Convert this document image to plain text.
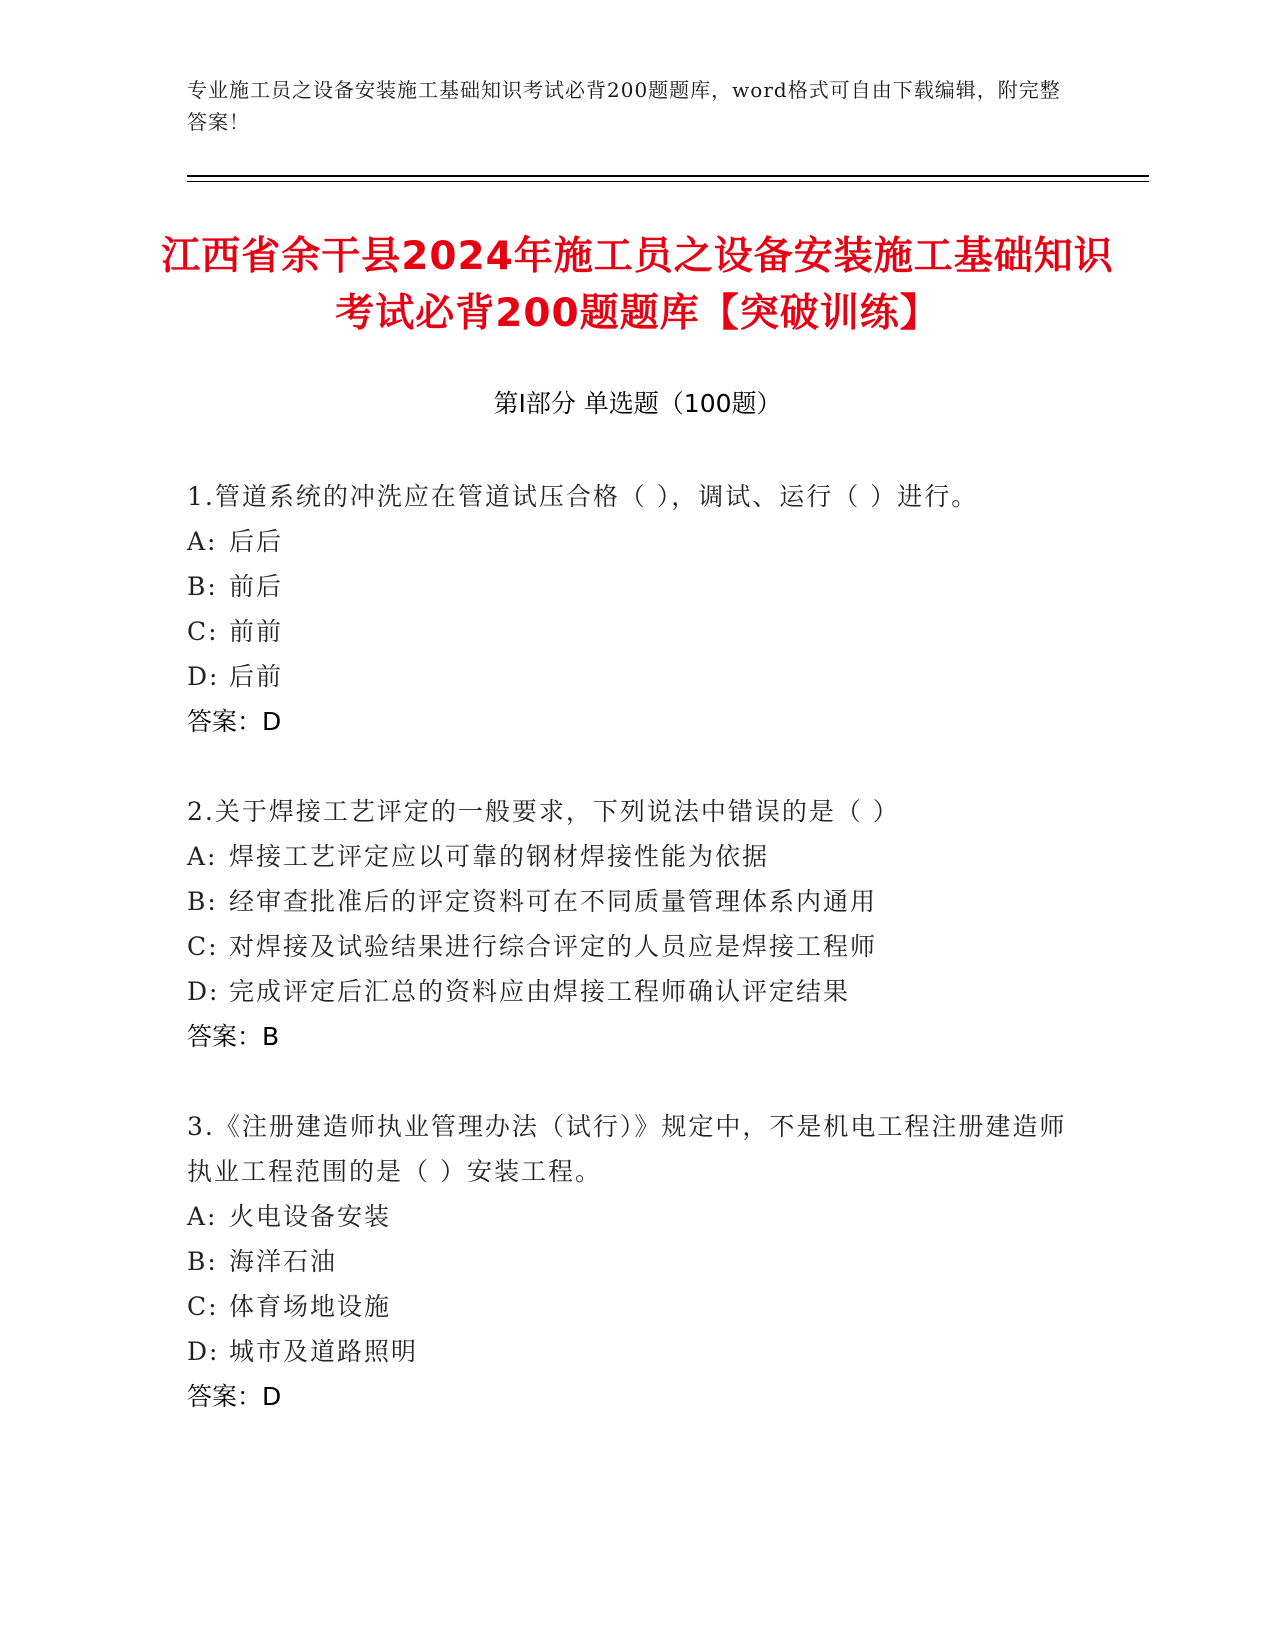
专业施工员之设备安装施工基础知识考试必背200题题库，word格式可自由下载编辑，附完整答案！
江西省余干县2024年施工员之设备安装施工基础知识考试必背200题题库【突破训练】
第Ⅰ部分 单选题（100题）
1.管道系统的冲洗应在管道试压合格（ ），调试、运行（ ）进行。
A: 后后
B: 前后
C: 前前
D: 后前
答案：D
2.关于焊接工艺评定的一般要求，下列说法中错误的是（ ）
A: 焊接工艺评定应以可靠的钢材焊接性能为依据
B: 经审查批准后的评定资料可在不同质量管理体系内通用
C: 对焊接及试验结果进行综合评定的人员应是焊接工程师
D: 完成评定后汇总的资料应由焊接工程师确认评定结果
答案：B
3.《注册建造师执业管理办法（试行）》规定中，不是机电工程注册建造师执业工程范围的是（ ）安装工程。
A: 火电设备安装
B: 海洋石油
C: 体育场地设施
D: 城市及道路照明
答案：D
